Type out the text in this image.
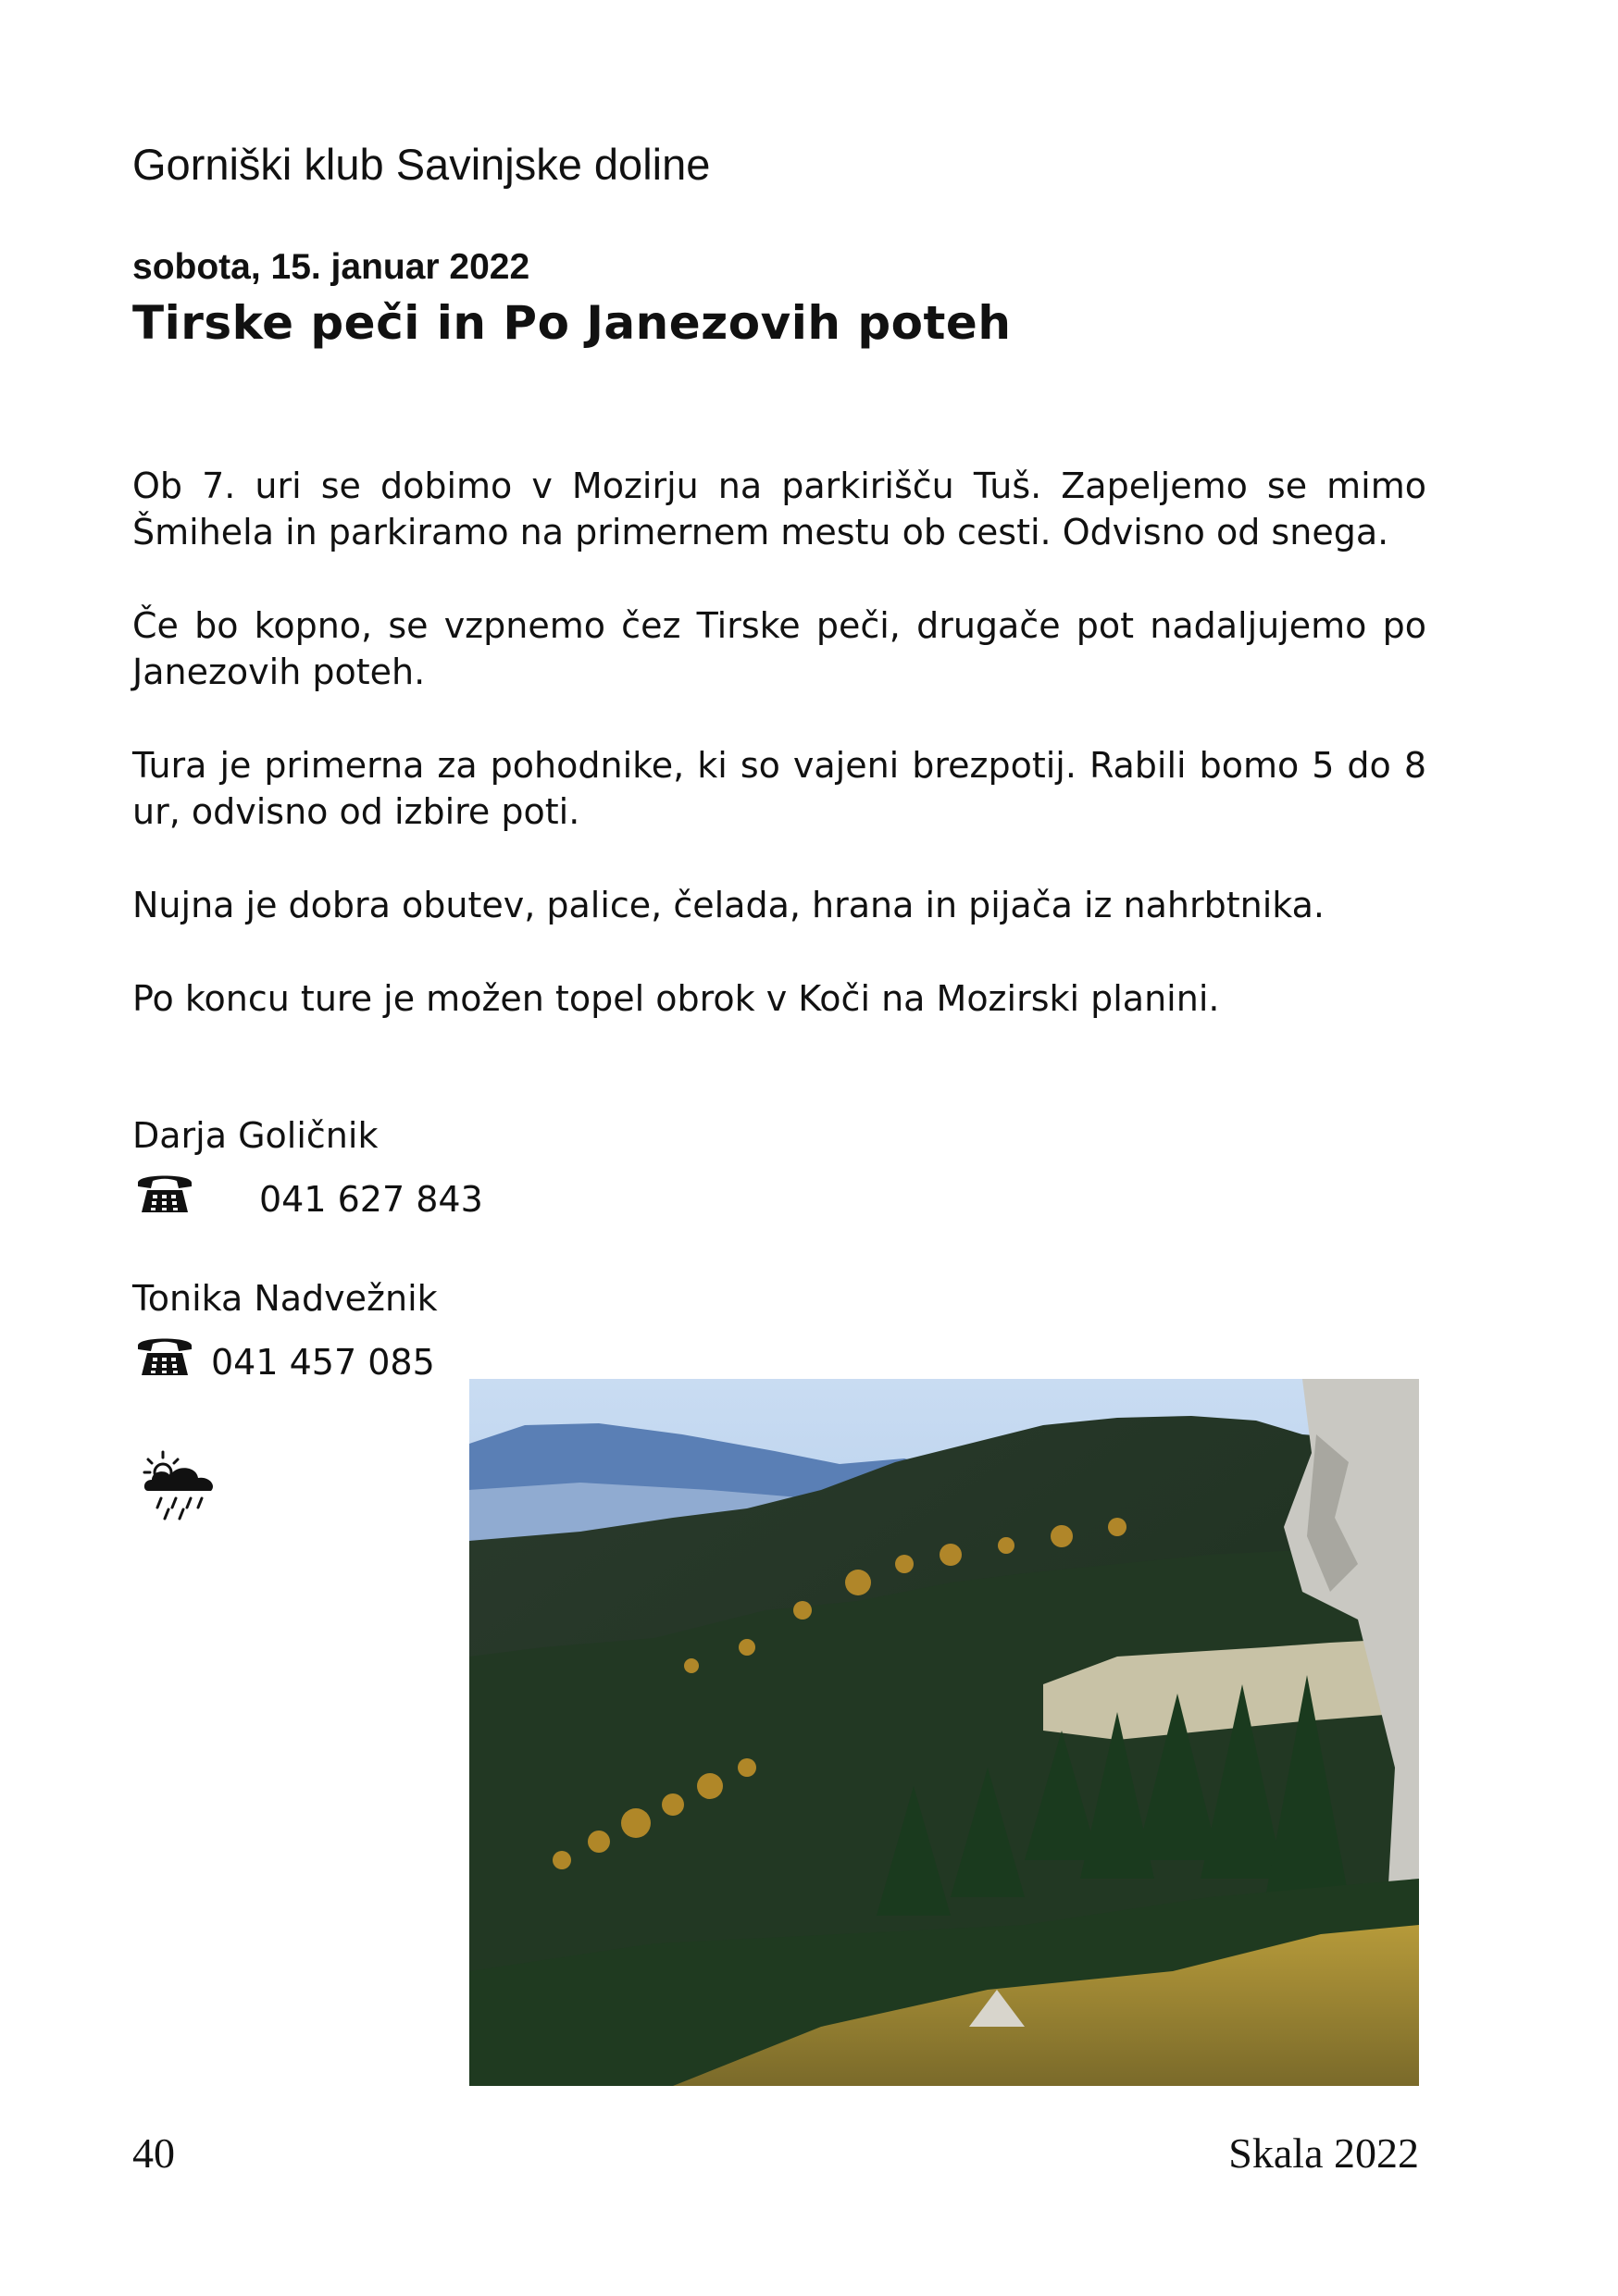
Gorniški klub Savinjske doline
sobota, 15. januar 2022
Tirske peči in Po Janezovih poteh
Ob 7. uri se dobimo v Mozirju na parkirišču Tuš. Zapeljemo se mimo Šmihela in parkiramo na primernem mestu ob cesti. Odvisno od snega.
Če bo kopno, se vzpnemo čez Tirske peči, drugače pot nadaljujemo po Janezovih poteh.
Tura je primerna za pohodnike, ki so vajeni brezpotij. Rabili bomo 5 do 8 ur, odvisno od izbire poti.
Nujna je dobra obutev, palice, čelada, hrana in pijača iz nahrbtnika.
Po koncu ture je možen topel obrok v Koči na Mozirski planini.
Darja Goličnik
041 627 843
Tonika Nadvežnik
041 457 085
40	Skala 2022
